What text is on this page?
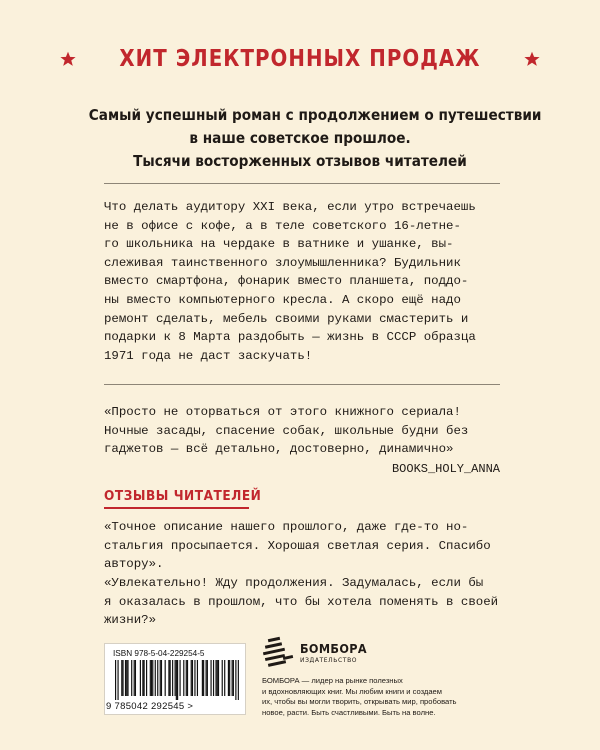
ХИТ ЭЛЕКТРОННЫХ ПРОДАЖ
Самый успешный роман с продолжением о путешествии
в наше советское прошлое.
Тысячи восторженных отзывов читателей
Что делать аудитору XXI века, если утро встречаешь
не в офисе с кофе, а в теле советского 16-летне-
го школьника на чердаке в ватнике и ушанке, вы-
слеживая таинственного злоумышленника? Будильник
вместо смартфона, фонарик вместо планшета, поддо-
ны вместо компьютерного кресла. А скоро ещё надо
ремонт сделать, мебель своими руками смастерить и
подарки к 8 Марта раздобыть — жизнь в СССР образца
1971 года не даст заскучать!
«Просто не оторваться от этого книжного сериала!
Ночные засады, спасение собак, школьные будни без
гаджетов — всё детально, достоверно, динамично»
BOOKS_HOLY_ANNA
ОТЗЫВЫ ЧИТАТЕЛЕЙ
«Точное описание нашего прошлого, даже где-то но-
стальгия просыпается. Хорошая светлая серия. Спасибо
автору».
«Увлекательно! Жду продолжения. Задумалась, если бы
я оказалась в прошлом, что бы хотела поменять в своей
жизни?»
ISBN 978-5-04-229254-5
9 785042 292545 >
БОМБОРА
ИЗДАТЕЛЬСТВО
БОМБОРА — лидер на рынке полезных
и вдохновляющих книг. Мы любим книги и создаем
их, чтобы вы могли творить, открывать мир, пробовать
новое, расти. Быть счастливыми. Быть на волне.
